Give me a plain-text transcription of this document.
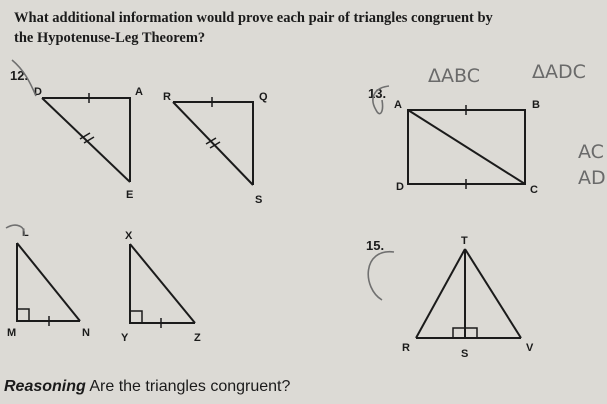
What additional information would prove each pair of triangles congruent by
the Hypotenuse-Leg Theorem?
12.
13.
15.
D	A
E
R	Q
S
A	B
D	C
L
M	N
X
Y	Z
T
R	S	V
ΔABC	ΔADC
AC
AD
Reasoning Are the triangles congruent?
